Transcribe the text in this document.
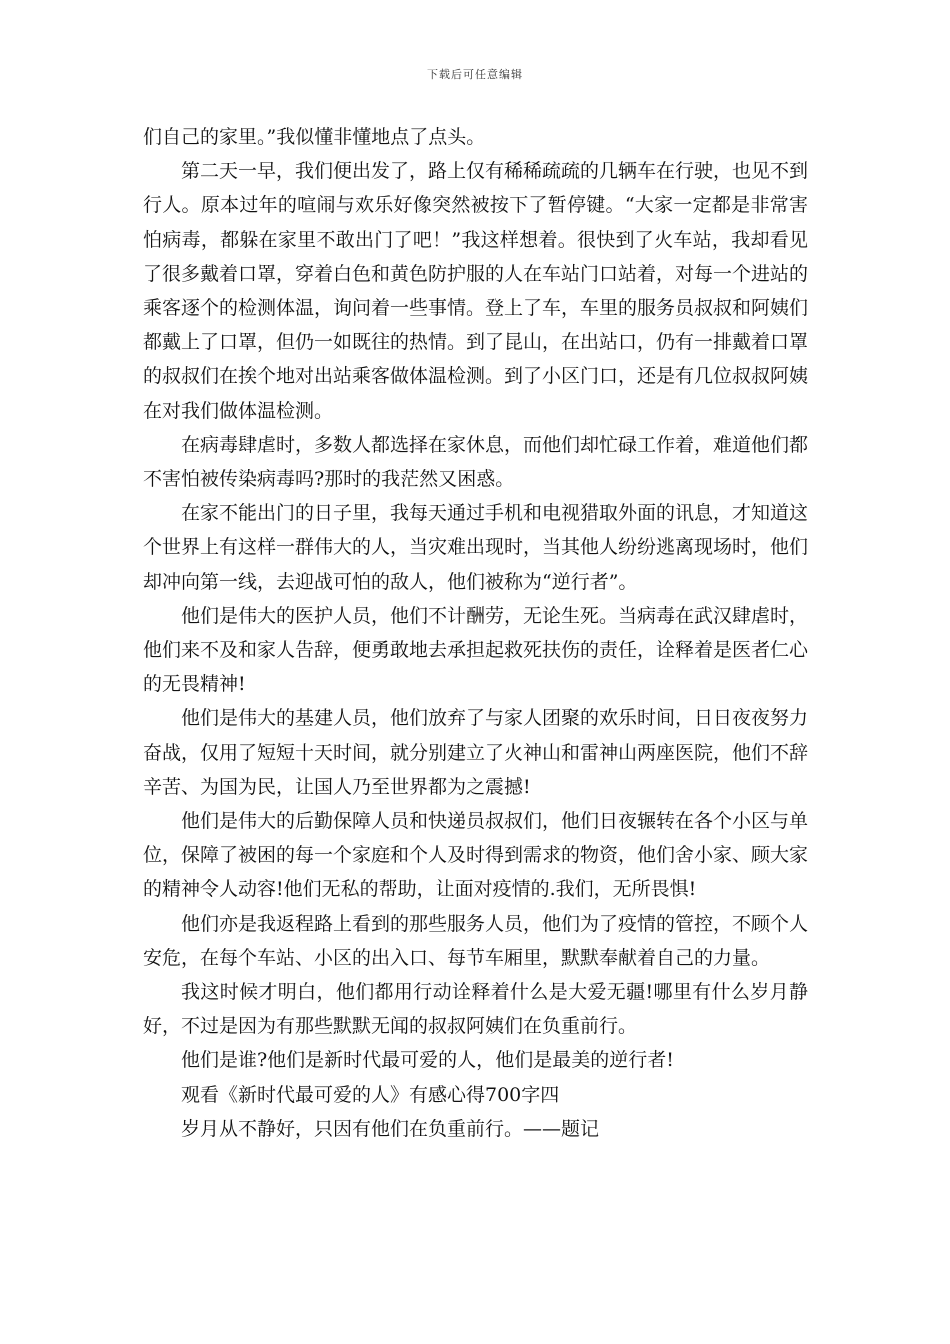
下载后可任意编辑

们自己的家里。”我似懂非懂地点了点头。

第二天一早，我们便出发了，路上仅有稀稀疏疏的几辆车在行驶，也见不到行人。原本过年的喧闹与欢乐好像突然被按下了暂停键。“大家一定都是非常害怕病毒，都躲在家里不敢出门了吧！”我这样想着。很快到了火车站，我却看见了很多戴着口罩，穿着白色和黄色防护服的人在车站门口站着，对每一个进站的乘客逐个的检测体温，询问着一些事情。登上了车，车里的服务员叔叔和阿姨们都戴上了口罩，但仍一如既往的热情。到了昆山，在出站口，仍有一排戴着口罩的叔叔们在挨个地对出站乘客做体温检测。到了小区门口，还是有几位叔叔阿姨在对我们做体温检测。

在病毒肆虐时，多数人都选择在家休息，而他们却忙碌工作着，难道他们都不害怕被传染病毒吗?那时的我茫然又困惑。

在家不能出门的日子里，我每天通过手机和电视猎取外面的讯息，才知道这个世界上有这样一群伟大的人，当灾难出现时，当其他人纷纷逃离现场时，他们却冲向第一线，去迎战可怕的敌人，他们被称为“逆行者”。

他们是伟大的医护人员，他们不计酬劳，无论生死。当病毒在武汉肆虐时，他们来不及和家人告辞，便勇敢地去承担起救死扶伤的责任，诠释着是医者仁心的无畏精神!

他们是伟大的基建人员，他们放弃了与家人团聚的欢乐时间，日日夜夜努力奋战，仅用了短短十天时间，就分别建立了火神山和雷神山两座医院，他们不辞辛苦、为国为民，让国人乃至世界都为之震撼!

他们是伟大的后勤保障人员和快递员叔叔们，他们日夜辗转在各个小区与单位，保障了被困的每一个家庭和个人及时得到需求的物资，他们舍小家、顾大家的精神令人动容!他们无私的帮助，让面对疫情的.我们，无所畏惧!

他们亦是我返程路上看到的那些服务人员，他们为了疫情的管控，不顾个人安危，在每个车站、小区的出入口、每节车厢里，默默奉献着自己的力量。

我这时候才明白，他们都用行动诠释着什么是大爱无疆!哪里有什么岁月静好，不过是因为有那些默默无闻的叔叔阿姨们在负重前行。

他们是谁?他们是新时代最可爱的人，他们是最美的逆行者!

观看《新时代最可爱的人》有感心得700字四

岁月从不静好，只因有他们在负重前行。——题记
